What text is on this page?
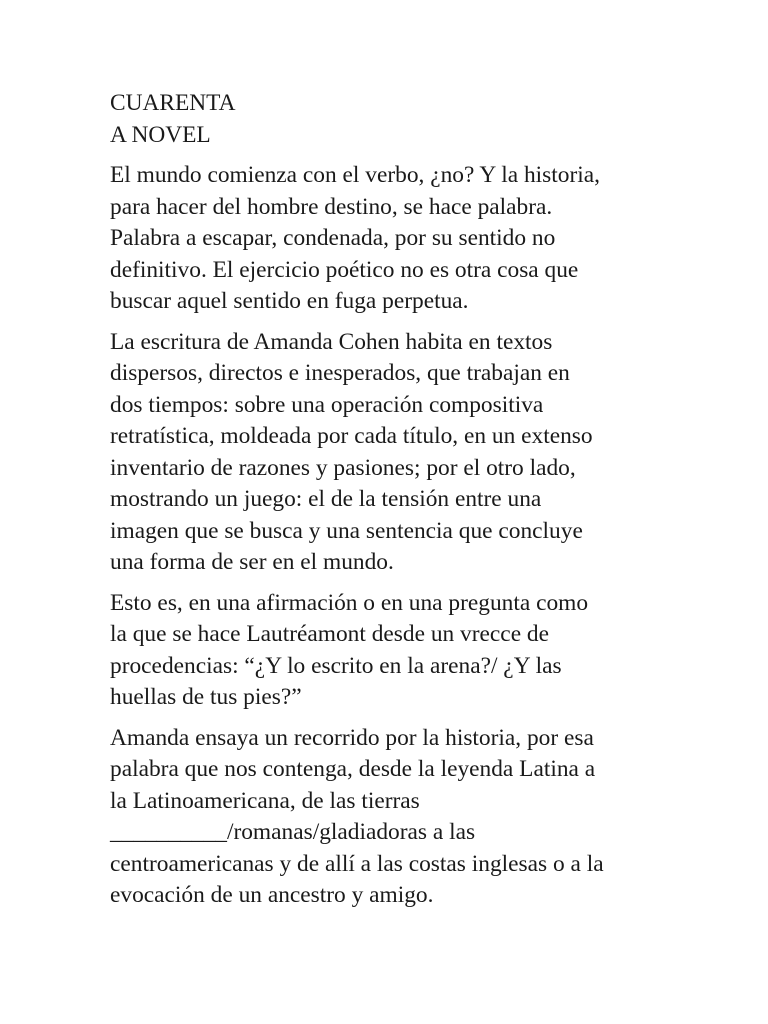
CUARENTA
A NOVEL

El mundo comienza con el verbo, ¿no? Y la historia,
para hacer del hombre destino, se hace palabra.
Palabra a escapar, condenada, por su sentido no
definitivo. El ejercicio poético no es otra cosa que
buscar aquel sentido en fuga perpetua.

La escritura de Amanda Cohen habita en textos
dispersos, directos e inesperados, que trabajan en
dos tiempos: sobre una operación compositiva
retratística, moldeada por cada título, en un extenso
inventario de razones y pasiones; por el otro lado,
mostrando un juego: el de la tensión entre una
imagen que se busca y una sentencia que concluye
una forma de ser en el mundo.

Esto es, en una afirmación o en una pregunta como
la que se hace Lautréamont desde un vrecce de
procedencias: “¿Y lo escrito en la arena?/ ¿Y las
huellas de tus pies?”

Amanda ensaya un recorrido por la historia, por esa
palabra que nos contenga, desde la leyenda Latina a
la Latinoamericana, de las tierras
__________/romanas/gladiadoras a las
centroamericanas y de allí a las costas inglesas o a la
evocación de un ancestro y amigo.
